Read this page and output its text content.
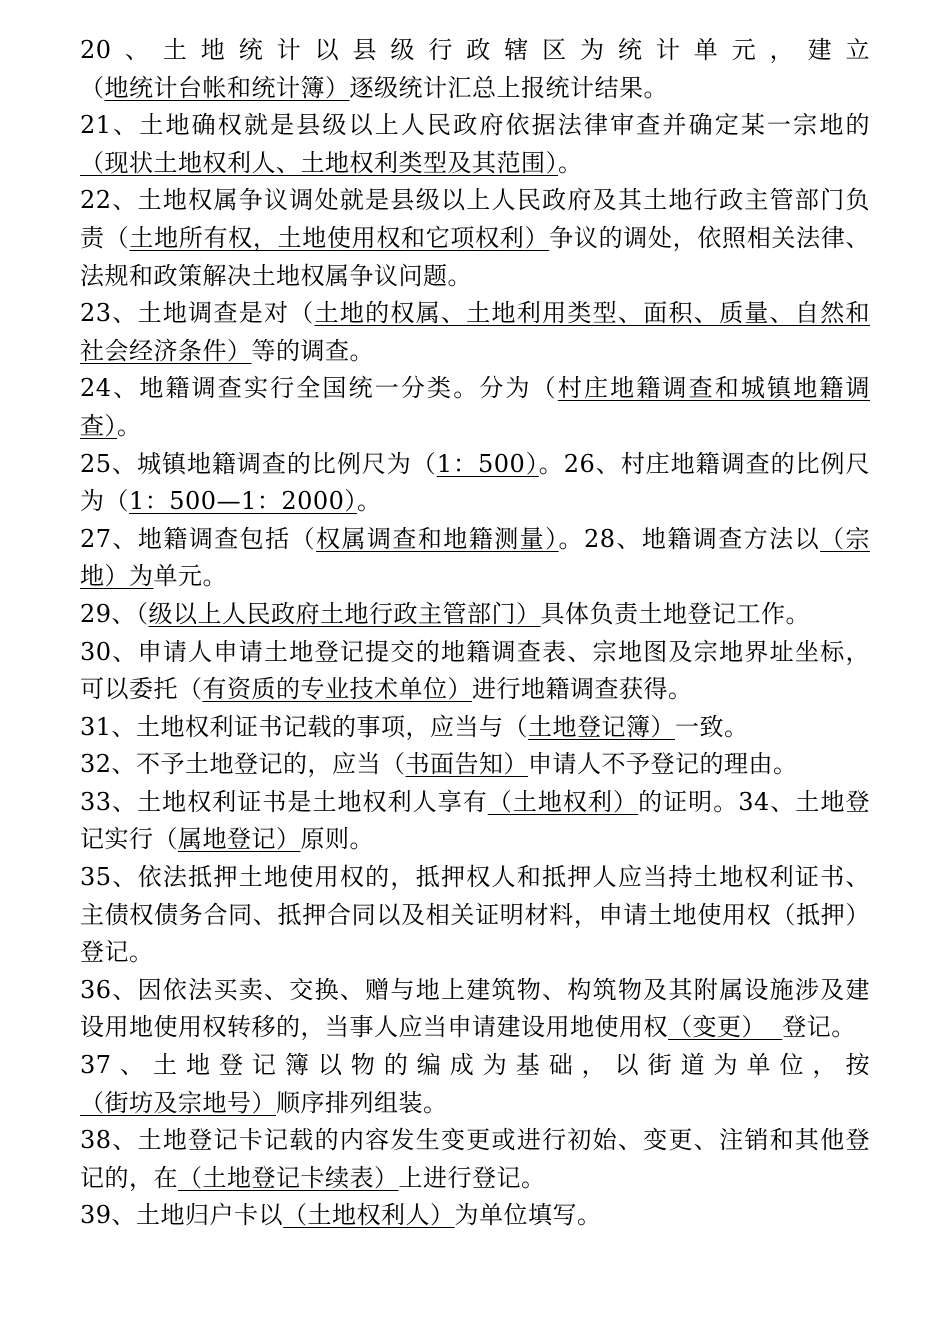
20、土地统计以县级行政辖区为统计单元，建立（地统计台帐和统计簿）逐级统计汇总上报统计结果。

21、土地确权就是县级以上人民政府依据法律审查并确定某一宗地的（现状土地权利人、土地权利类型及其范围）。

22、土地权属争议调处就是县级以上人民政府及其土地行政主管部门负责（土地所有权，土地使用权和它项权利）争议的调处，依照相关法律、法规和政策解决土地权属争议问题。

23、土地调查是对（土地的权属、土地利用类型、面积、质量、自然和社会经济条件）等的调查。

24、地籍调查实行全国统一分类。分为（村庄地籍调查和城镇地籍调查）。

25、城镇地籍调查的比例尺为（1：500）。26、村庄地籍调查的比例尺为（1：500—1：2000）。

27、地籍调查包括（权属调查和地籍测量）。28、地籍调查方法以（宗地）为单元。

29、（级以上人民政府土地行政主管部门）具体负责土地登记工作。

30、申请人申请土地登记提交的地籍调查表、宗地图及宗地界址坐标，可以委托（有资质的专业技术单位）进行地籍调查获得。

31、土地权利证书记载的事项，应当与（土地登记簿）一致。

32、不予土地登记的，应当（书面告知）申请人不予登记的理由。

33、土地权利证书是土地权利人享有（土地权利）的证明。34、土地登记实行（属地登记）原则。

35、依法抵押土地使用权的，抵押权人和抵押人应当持土地权利证书、主债权债务合同、抵押合同以及相关证明材料，申请土地使用权（抵押）登记。

36、因依法买卖、交换、赠与地上建筑物、构筑物及其附属设施涉及建设用地使用权转移的，当事人应当申请建设用地使用权（变更）  登记。

37、土地登记簿以物的编成为基础，以街道为单位，按（街坊及宗地号）顺序排列组装。

38、土地登记卡记载的内容发生变更或进行初始、变更、注销和其他登记的，在（土地登记卡续表）上进行登记。

39、土地归户卡以（土地权利人）为单位填写。
